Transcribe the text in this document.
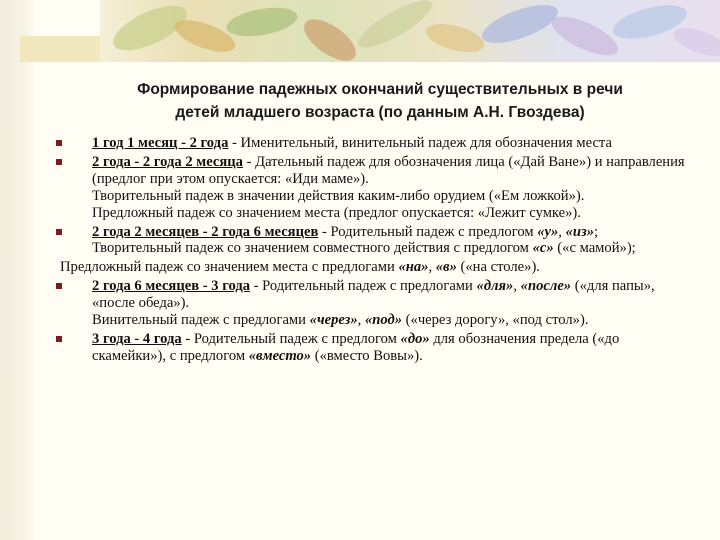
Формирование падежных окончаний существительных в речи
детей младшего возраста (по данным А.Н. Гвоздева)
1 год 1 месяц - 2 года - Именительный, винительный падеж для обозначения места
2 года - 2 года 2 месяца - Дательный падеж для обозначения лица («Дай Ване») и направления (предлог при этом опускается: «Иди маме»).
Творительный падеж в значении действия каким-либо орудием («Ем ложкой»).
Предложный падеж со значением места (предлог опускается: «Лежит сумке»).
2 года 2 месяцев - 2 года 6 месяцев - Родительный падеж с предлогом «у», «из»; Творительный падеж со значением совместного действия с предлогом «с» («с мамой»);
Предложный падеж со значением места с предлогами «на», «в» («на столе»).
2 года 6 месяцев - 3 года - Родительный падеж с предлогами «для», «после» («для папы», «после обеда»).
Винительный падеж с предлогами «через», «под» («через дорогу», «под стол»).
3 года - 4 года - Родительный падеж с предлогом «до» для обозначения предела («до скамейки»), с предлогом «вместо» («вместо Вовы»).
